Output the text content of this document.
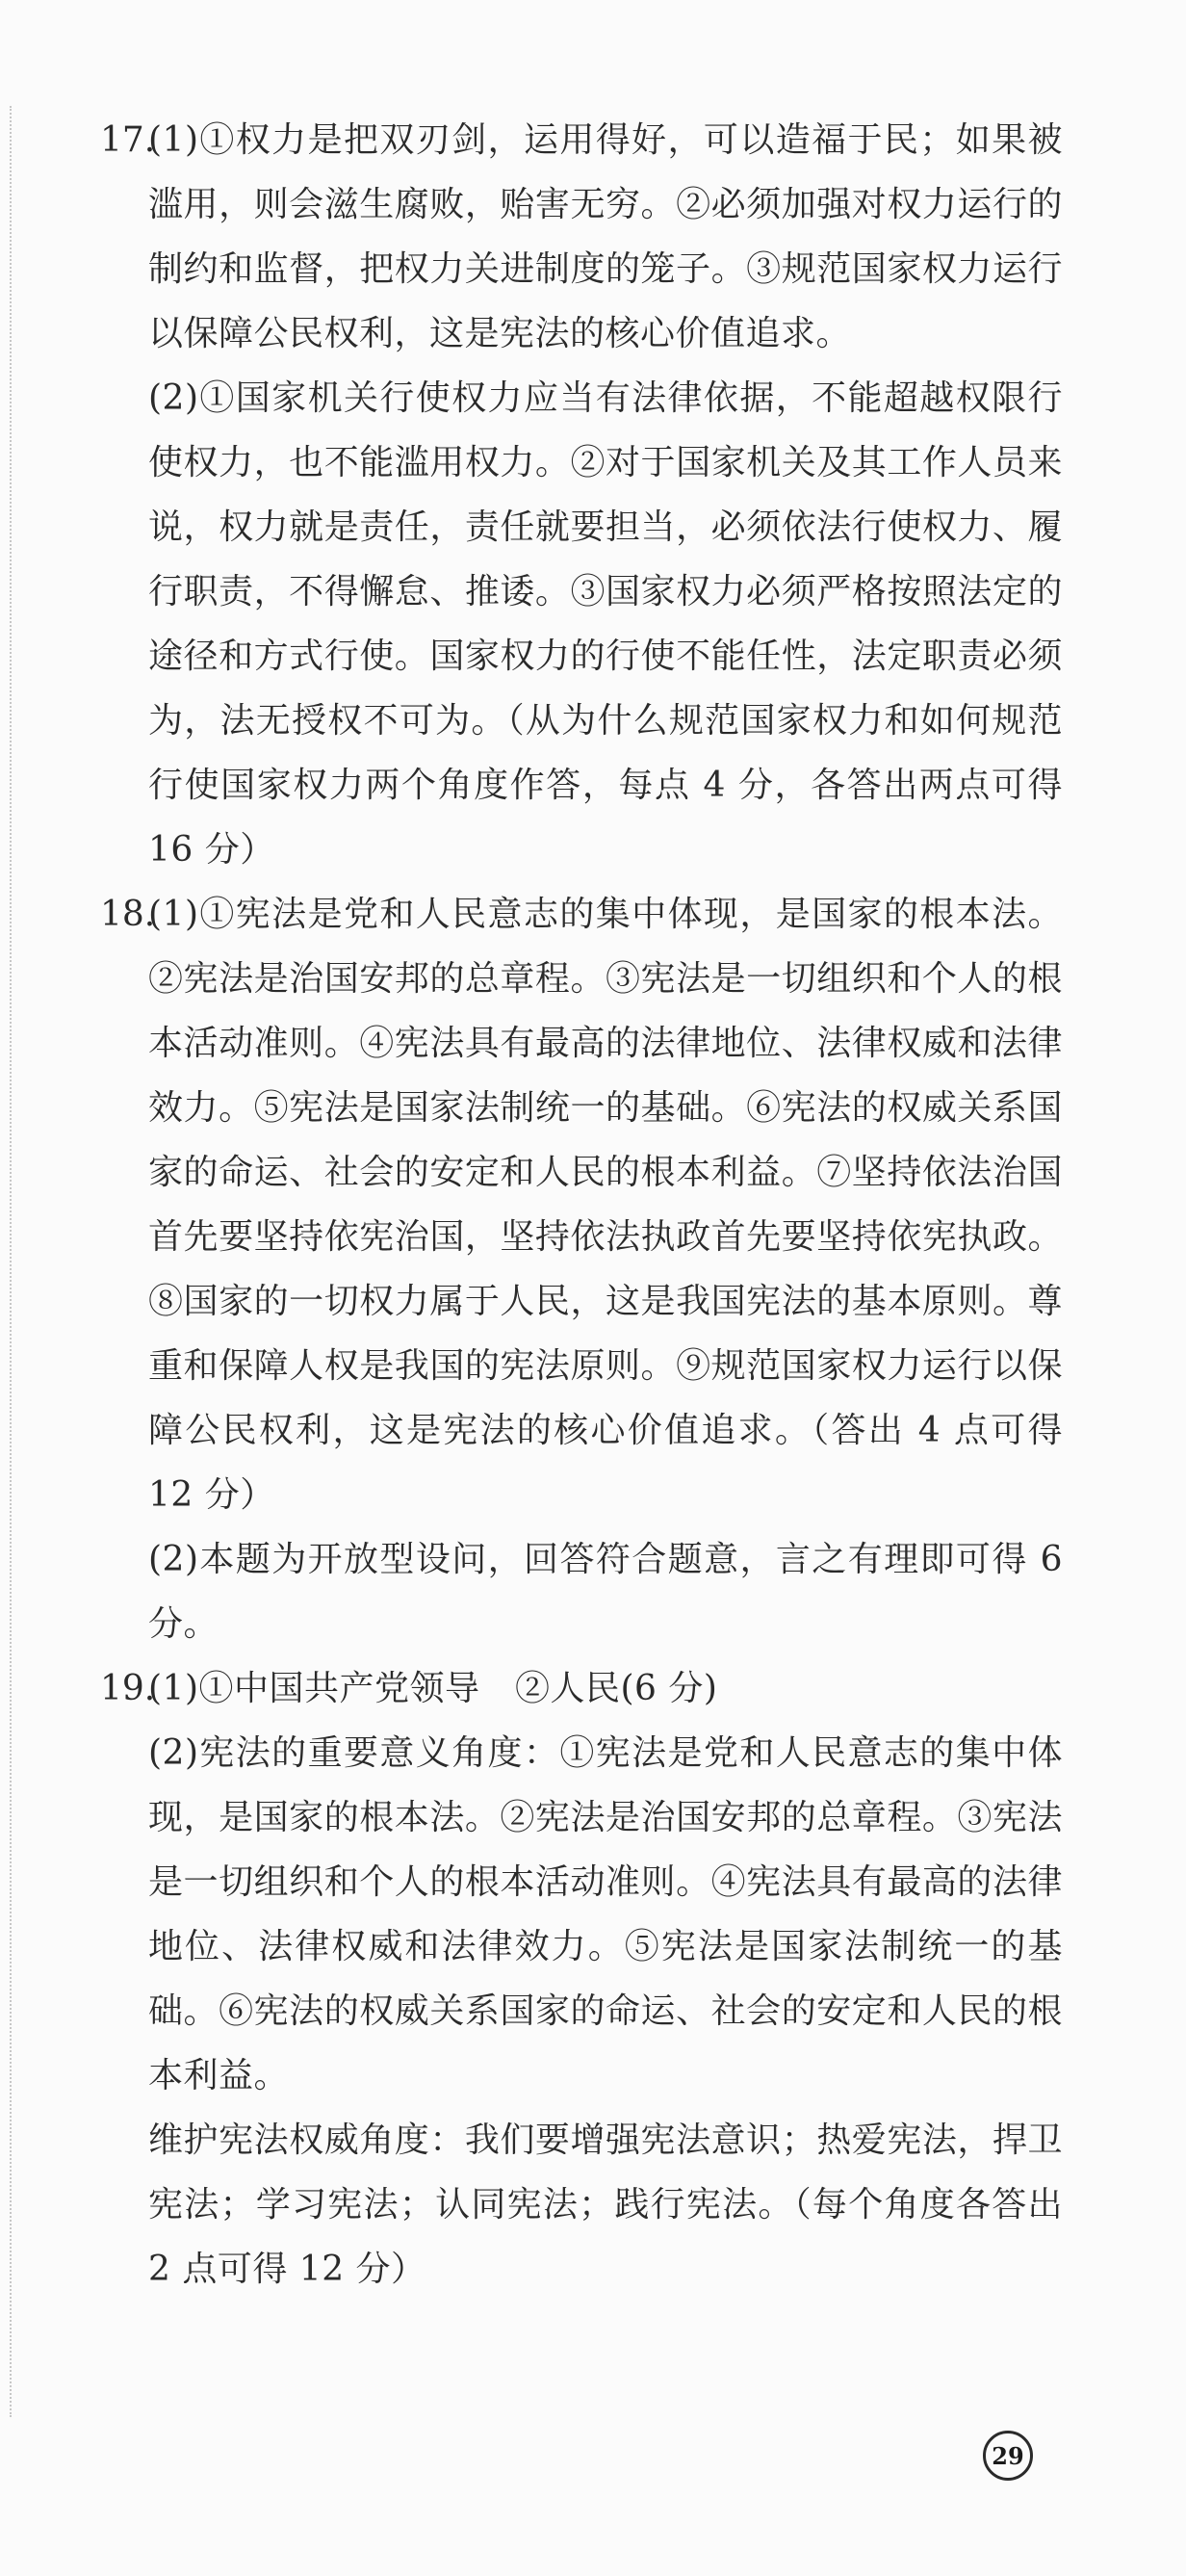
17.
(1)①权力是把双刃剑，运用得好，可以造福于民；如果被滥用，则会滋生腐败，贻害无穷。②必须加强对权力运行的制约和监督，把权力关进制度的笼子。③规范国家权力运行以保障公民权利，这是宪法的核心价值追求。
(2)①国家机关行使权力应当有法律依据，不能超越权限行使权力，也不能滥用权力。②对于国家机关及其工作人员来说，权力就是责任，责任就要担当，必须依法行使权力、履行职责，不得懈怠、推诿。③国家权力必须严格按照法定的途径和方式行使。国家权力的行使不能任性，法定职责必须为，法无授权不可为。（从为什么规范国家权力和如何规范行使国家权力两个角度作答，每点 4 分，各答出两点可得 16 分）
18.
(1)①宪法是党和人民意志的集中体现，是国家的根本法。②宪法是治国安邦的总章程。③宪法是一切组织和个人的根本活动准则。④宪法具有最高的法律地位、法律权威和法律效力。⑤宪法是国家法制统一的基础。⑥宪法的权威关系国家的命运、社会的安定和人民的根本利益。⑦坚持依法治国首先要坚持依宪治国，坚持依法执政首先要坚持依宪执政。⑧国家的一切权力属于人民，这是我国宪法的基本原则。尊重和保障人权是我国的宪法原则。⑨规范国家权力运行以保障公民权利，这是宪法的核心价值追求。（答出 4 点可得 12 分）
(2)本题为开放型设问，回答符合题意，言之有理即可得 6 分。
19.
(1)①中国共产党领导　②人民(6 分)
(2)宪法的重要意义角度：①宪法是党和人民意志的集中体现，是国家的根本法。②宪法是治国安邦的总章程。③宪法是一切组织和个人的根本活动准则。④宪法具有最高的法律地位、法律权威和法律效力。⑤宪法是国家法制统一的基础。⑥宪法的权威关系国家的命运、社会的安定和人民的根本利益。
维护宪法权威角度：我们要增强宪法意识；热爱宪法，捍卫宪法；学习宪法；认同宪法；践行宪法。（每个角度各答出 2 点可得 12 分）
29
